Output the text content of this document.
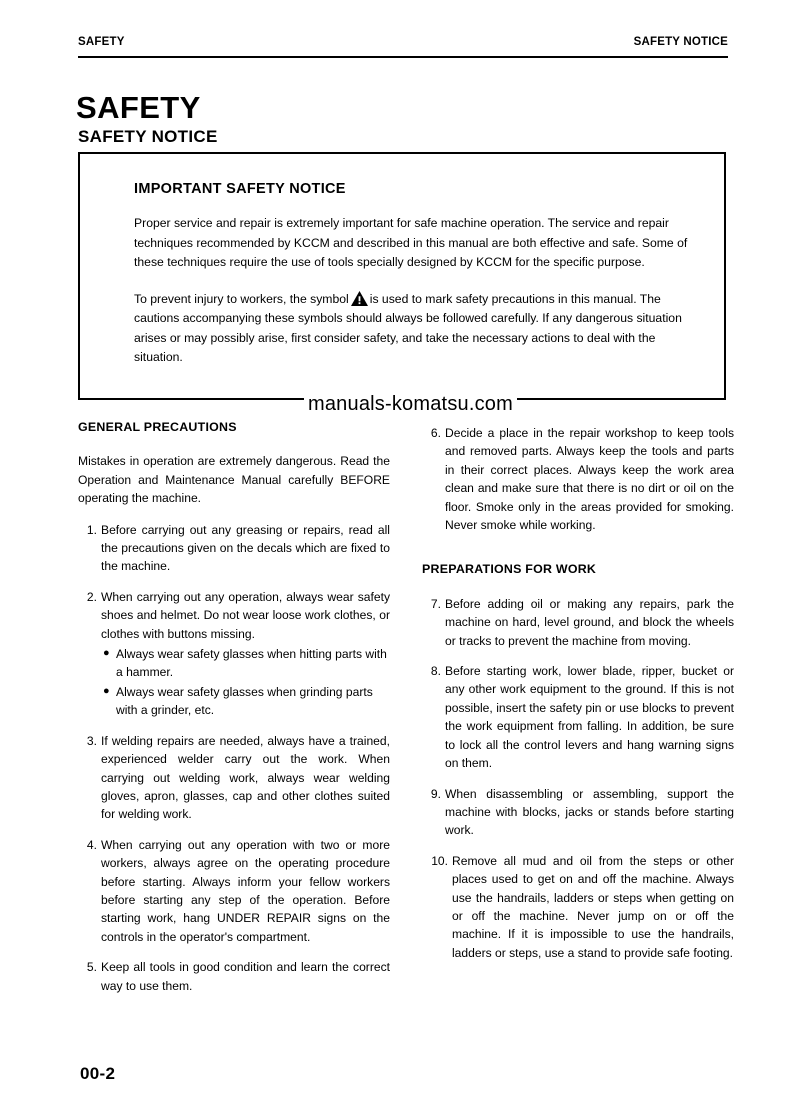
SAFETY	SAFETY NOTICE
SAFETY
SAFETY NOTICE
IMPORTANT SAFETY NOTICE

Proper service and repair is extremely important for safe machine operation. The service and repair techniques recommended by KCCM and described in this manual are both effective and safe. Some of these techniques require the use of tools specially designed by KCCM for the specific purpose.

To prevent injury to workers, the symbol is used to mark safety precautions in this manual. The cautions accompanying these symbols should always be followed carefully. If any dangerous situation arises or may possibly arise, first consider safety, and take the necessary actions to deal with the situation.

manuals-komatsu.com
GENERAL PRECAUTIONS

Mistakes in operation are extremely dangerous. Read the Operation and Maintenance Manual carefully BEFORE operating the machine.

1. Before carrying out any greasing or repairs, read all the precautions given on the decals which are fixed to the machine.
2. When carrying out any operation, always wear safety shoes and helmet. Do not wear loose work clothes, or clothes with buttons missing.
● Always wear safety glasses when hitting parts with a hammer.
● Always wear safety glasses when grinding parts with a grinder, etc.
3. If welding repairs are needed, always have a trained, experienced welder carry out the work. When carrying out welding work, always wear welding gloves, apron, glasses, cap and other clothes suited for welding work.
4. When carrying out any operation with two or more workers, always agree on the operating procedure before starting. Always inform your fellow workers before starting any step of the operation. Before starting work, hang UNDER REPAIR signs on the controls in the operator's compartment.
5. Keep all tools in good condition and learn the correct way to use them.
6. Decide a place in the repair workshop to keep tools and removed parts. Always keep the tools and parts in their correct places. Always keep the work area clean and make sure that there is no dirt or oil on the floor. Smoke only in the areas provided for smoking. Never smoke while working.
PREPARATIONS FOR WORK
7. Before adding oil or making any repairs, park the machine on hard, level ground, and block the wheels or tracks to prevent the machine from moving.
8. Before starting work, lower blade, ripper, bucket or any other work equipment to the ground. If this is not possible, insert the safety pin or use blocks to prevent the work equipment from falling. In addition, be sure to lock all the control levers and hang warning signs on them.
9. When disassembling or assembling, support the machine with blocks, jacks or stands before starting work.
10. Remove all mud and oil from the steps or other places used to get on and off the machine. Always use the handrails, ladders or steps when getting on or off the machine. Never jump on or off the machine. If it is impossible to use the handrails, ladders or steps, use a stand to provide safe footing.
00-2
